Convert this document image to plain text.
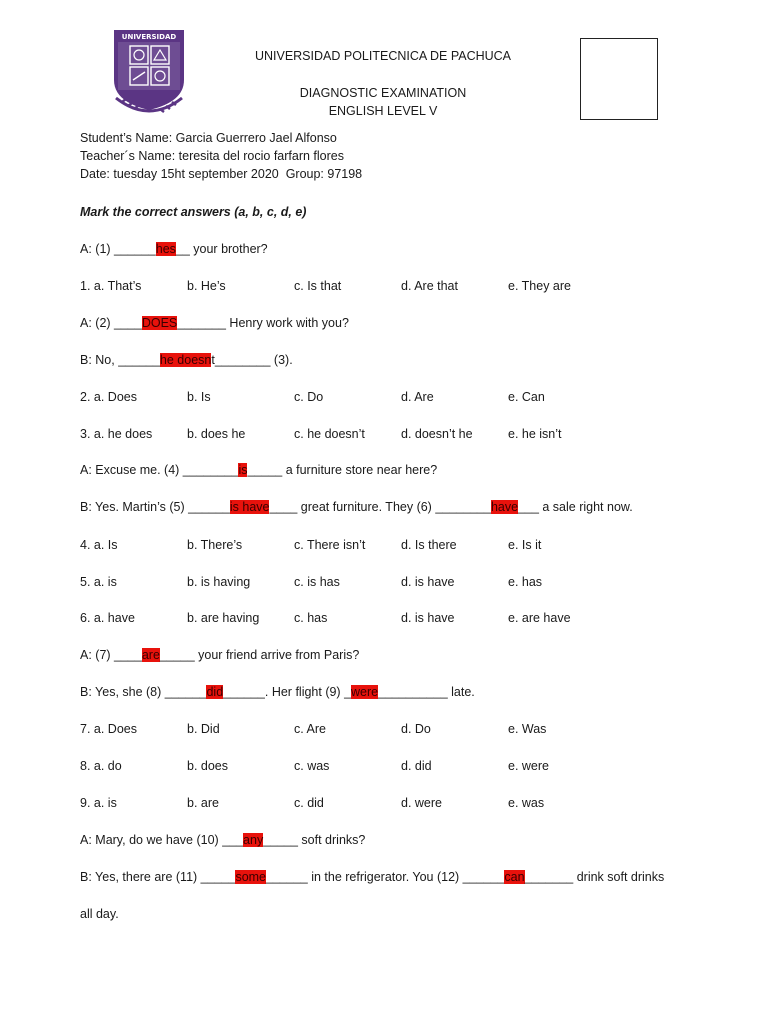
UNIVERSIDAD
UNIVERSIDAD POLITECNICA DE PACHUCA
DIAGNOSTIC EXAMINATION
ENGLISH LEVEL V
Student’s Name: Garcia Guerrero Jael Alfonso
Teacher´s Name: teresita del rocio farfarn flores
Date: tuesday 15ht september 2020  Group: 97198
Mark the correct answers (a, b, c, d, e)
A: (1) ______hes__ your brother?
1. a. That’s	b. He’s	c. Is that	d. Are that	e. They are
A: (2) ____DOES_______ Henry work with you?
B: No, ______he doesnt________ (3).
2. a. Does	b. Is	c. Do	d. Are	e. Can
3. a. he does	b. does he	c. he doesn’t	d. doesn’t he	e. he isn’t
A: Excuse me. (4) ________is_____ a furniture store near here?
B: Yes. Martin’s (5) ______is have____ great furniture. They (6) ________have___ a sale right now.
4. a. Is	b. There’s	c. There isn’t	d. Is there	e. Is it
5. a. is	b. is having	c. is has	d. is have	e. has
6. a. have	b. are having	c. has	d. is have	e. are have
A: (7) ____are_____ your friend arrive from Paris?
B: Yes, she (8) ______did______. Her flight (9) _were__________ late.
7. a. Does	b. Did	c. Are	d. Do	e. Was
8. a. do	b. does	c. was	d. did	e. were
9. a. is	b. are	c. did	d. were	e. was
A: Mary, do we have (10) ___any_____ soft drinks?
B: Yes, there are (11) _____some______ in the refrigerator. You (12) ______can_______ drink soft drinks
all day.
